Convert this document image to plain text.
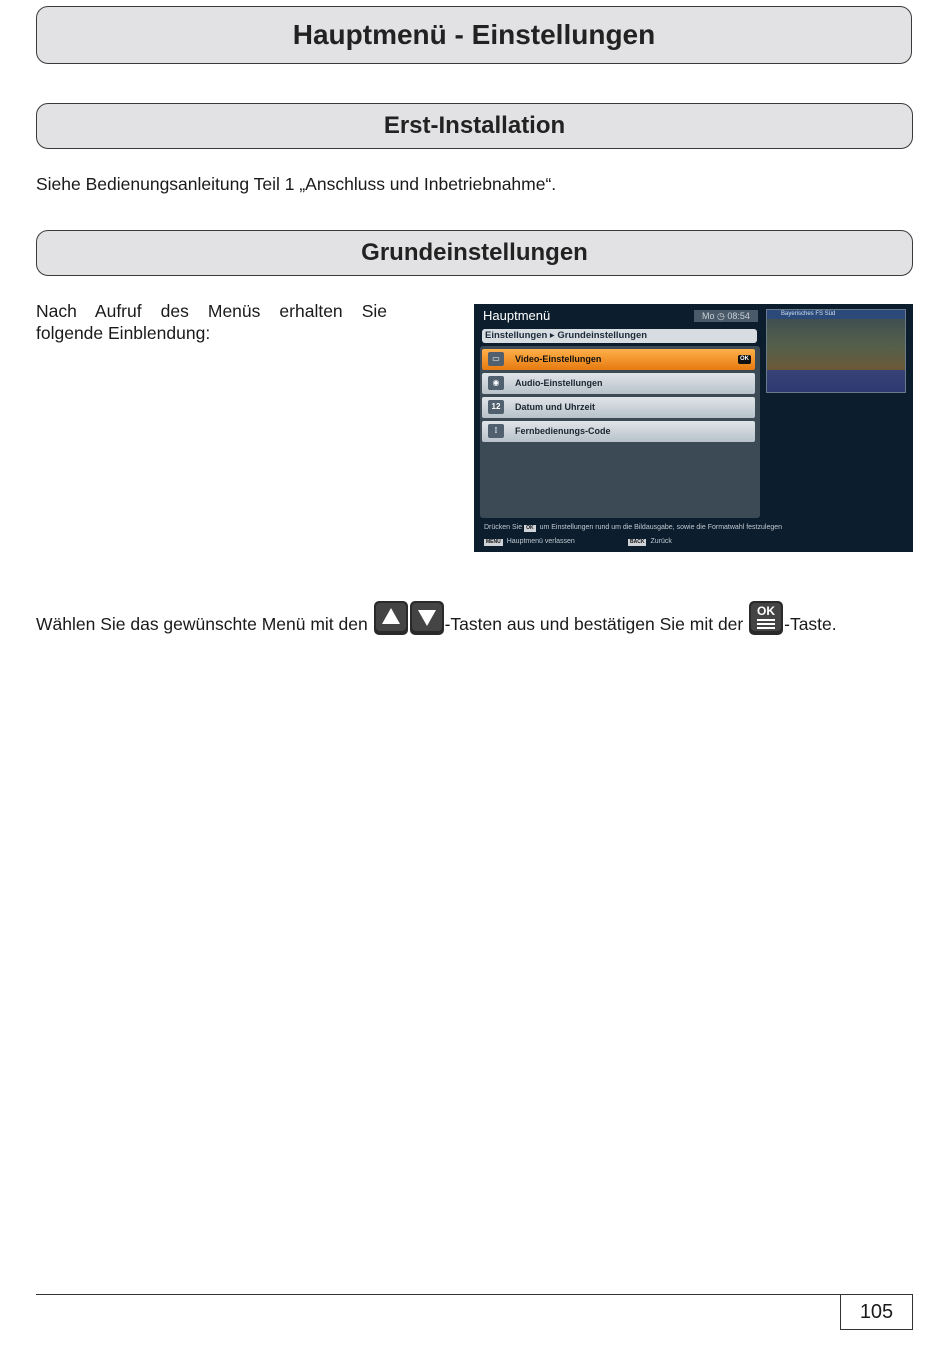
Hauptmenü - Einstellungen
Erst-Installation
Siehe Bedienungsanleitung Teil 1 „Anschluss und Inbetriebnahme“.
Grundeinstellungen
Nach Aufruf des Menüs erhalten Sie folgende Einblendung:
Hauptmenü	Mo ◷ 08:54
Einstellungen ▸ Grundeinstellungen
▭	Video-Einstellungen	OK
◉	Audio-Einstellungen
12	Datum und Uhrzeit
⁞	Fernbedienungs-Code
Bayerisches FS Süd
Drücken Sie OK um Einstellungen rund um die Bildausgabe, sowie die Formatwahl festzulegen
MENU Hauptmenü verlassen	BACK Zurück
Wählen Sie das gewünschte Menü mit den	-Tasten aus und bestätigen Sie mit der
OK
-Taste.
105
